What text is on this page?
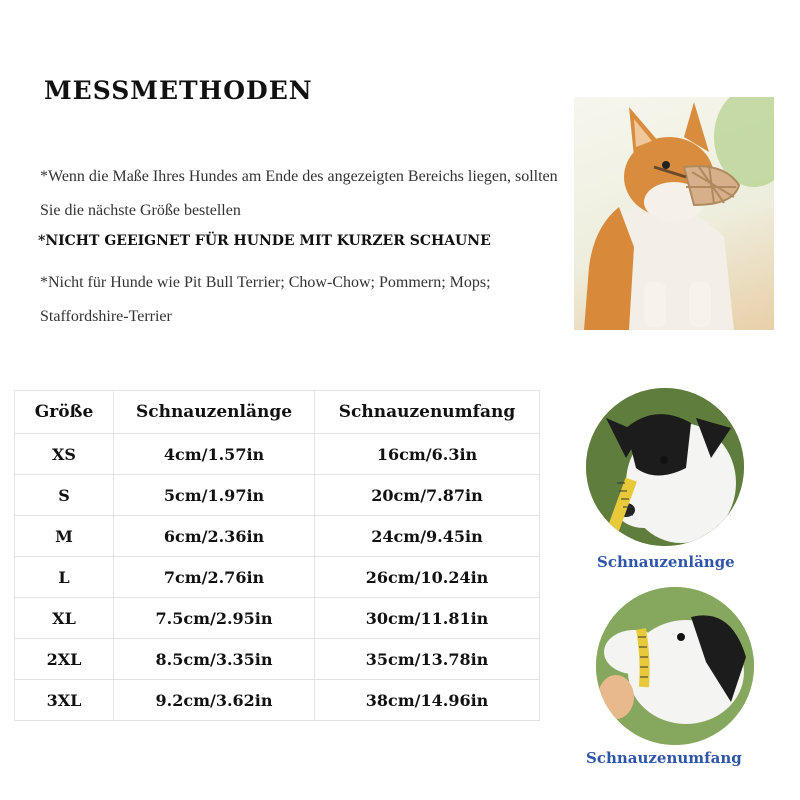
MESSMETHODEN
*Wenn die Maße Ihres Hundes am Ende des angezeigten Bereichs liegen, sollten Sie die nächste Größe bestellen
*NICHT GEEIGNET FÜR HUNDE MIT KURZER SCHAUNE
*Nicht für Hunde wie Pit Bull Terrier; Chow-Chow; Pommern; Mops; Staffordshire-Terrier
Größe	Schnauzenlänge	Schnauzenumfang
XS	4cm/1.57in	16cm/6.3in
S	5cm/1.97in	20cm/7.87in
M	6cm/2.36in	24cm/9.45in
L	7cm/2.76in	26cm/10.24in
XL	7.5cm/2.95in	30cm/11.81in
2XL	8.5cm/3.35in	35cm/13.78in
3XL	9.2cm/3.62in	38cm/14.96in
Schnauzenlänge
Schnauzenumfang
